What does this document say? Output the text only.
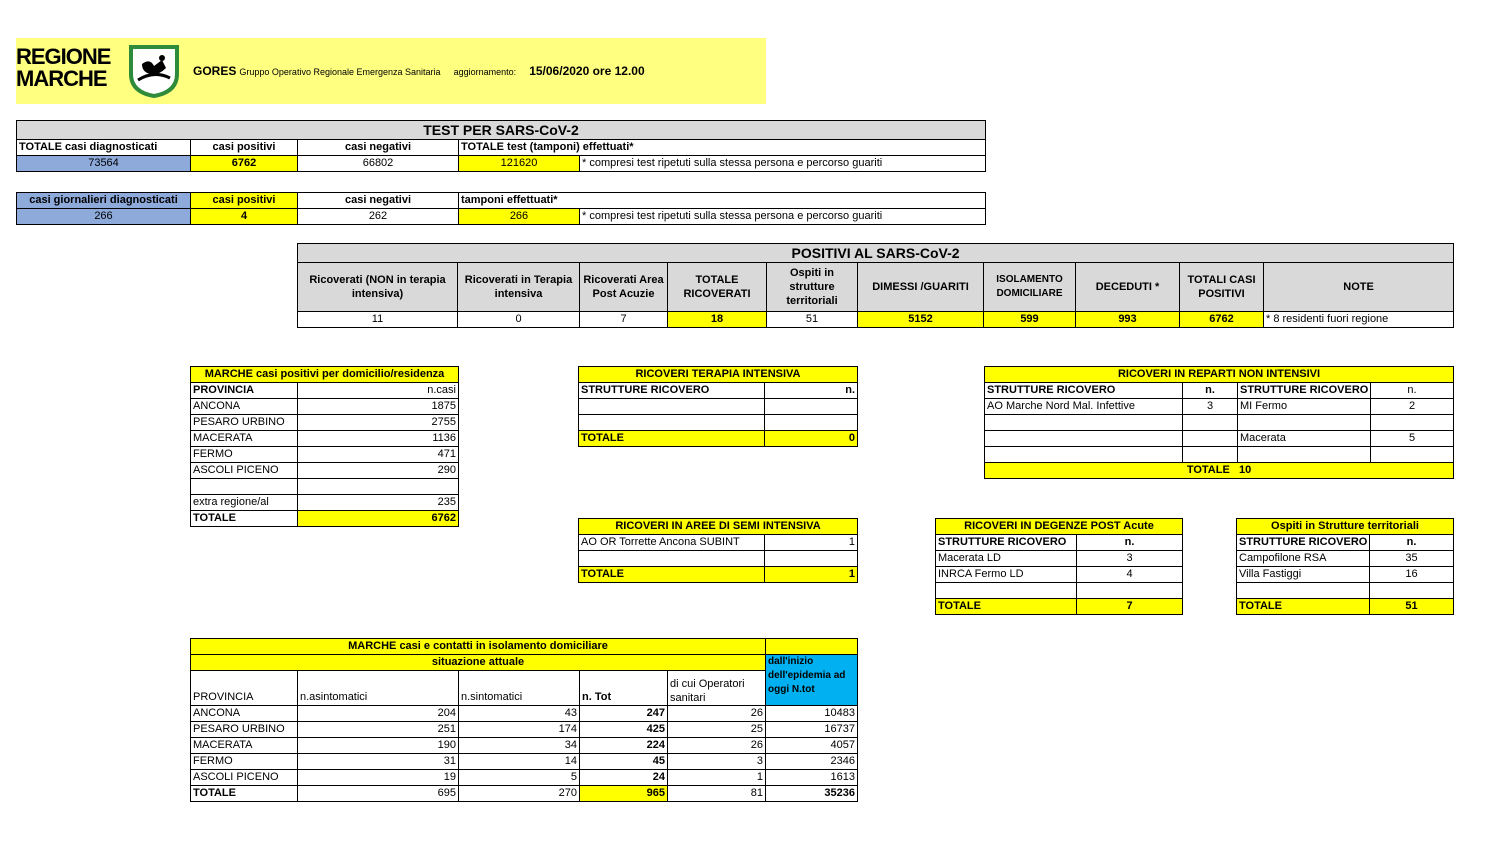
REGIONE
MARCHE	GORES Gruppo Operativo Regionale Emergenza Sanitaria aggiornamento: 15/06/2020 ore 12.00
TEST PER SARS-CoV-2				
TOTALE casi diagnosticati	casi positivi	casi negativi	TOTALE test (tamponi) effettuati*	
73564	6762	66802	121620	* compresi test ripetuti sulla stessa persona e percorso guariti
casi giornalieri diagnosticati	casi positivi	casi negativi	tamponi effettuati*	
266	4	262	266	* compresi test ripetuti sulla stessa persona e percorso guariti
POSITIVI AL SARS-CoV-2									
Ricoverati (NON in terapia intensiva)	Ricoverati in Terapia intensiva	Ricoverati Area Post Acuzie	TOTALE RICOVERATI	Ospiti in strutture territoriali	DIMESSI /GUARITI	ISOLAMENTO DOMICILIARE	DECEDUTI *	TOTALI CASI POSITIVI	NOTE
11	0	7	18	51	5152	599	993	6762	* 8 residenti fuori regione
MARCHE casi positivi per domicilio/residenza	
PROVINCIA	n.casi
ANCONA	1875
PESARO URBINO	2755
MACERATA	1136
FERMO	471
ASCOLI PICENO	290

extra regione/al	235
TOTALE	6762
RICOVERI TERAPIA INTENSIVA	
STRUTTURE RICOVERO	n.

TOTALE	0
RICOVERI IN REPARTI NON INTENSIVI			
STRUTTURE RICOVERO	n.	STRUTTURE RICOVERO	n.
AO Marche Nord Mal. Infettive	3	MI Fermo	2

		Macerata	5

TOTALE 10			
RICOVERI IN AREE DI SEMI INTENSIVA	
AO OR Torrette Ancona SUBINT	1

TOTALE	1
RICOVERI IN DEGENZE POST Acute	
STRUTTURE RICOVERO	n.
Macerata LD	3
INRCA Fermo LD	4

TOTALE	7
Ospiti in Strutture territoriali	
STRUTTURE RICOVERO	n.
Campofilone RSA	35
Villa Fastiggi	16

TOTALE	51
MARCHE casi e contatti in isolamento domiciliare					
situazione attuale					dall'inizio dell'epidemia ad oggi N.tot
PROVINCIA	n.asintomatici	n.sintomatici	n. Tot	di cui Operatori sanitari	
ANCONA	204	43	247	26	10483
PESARO URBINO	251	174	425	25	16737
MACERATA	190	34	224	26	4057
FERMO	31	14	45	3	2346
ASCOLI PICENO	19	5	24	1	1613
TOTALE	695	270	965	81	35236
